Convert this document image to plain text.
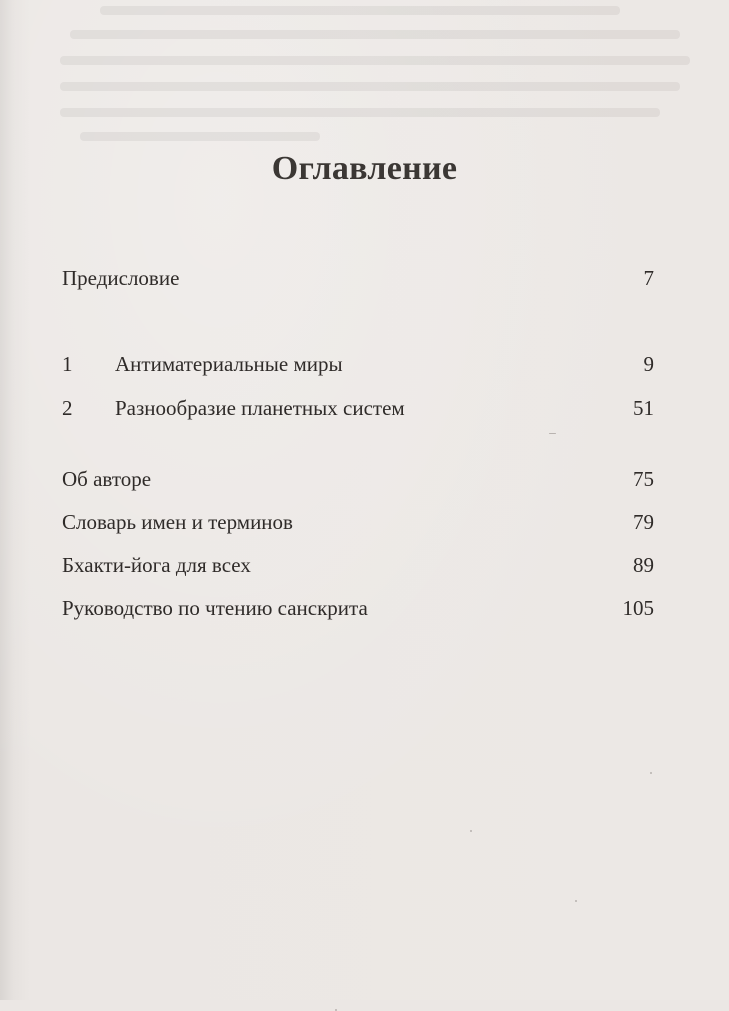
Оглавление
Предисловие	7
1 Антиматериальные миры	9
2 Разнообразие планетных систем	51
Об авторе	75
Словарь имен и терминов	79
Бхакти-йога для всех	89
Руководство по чтению санскрита	105
